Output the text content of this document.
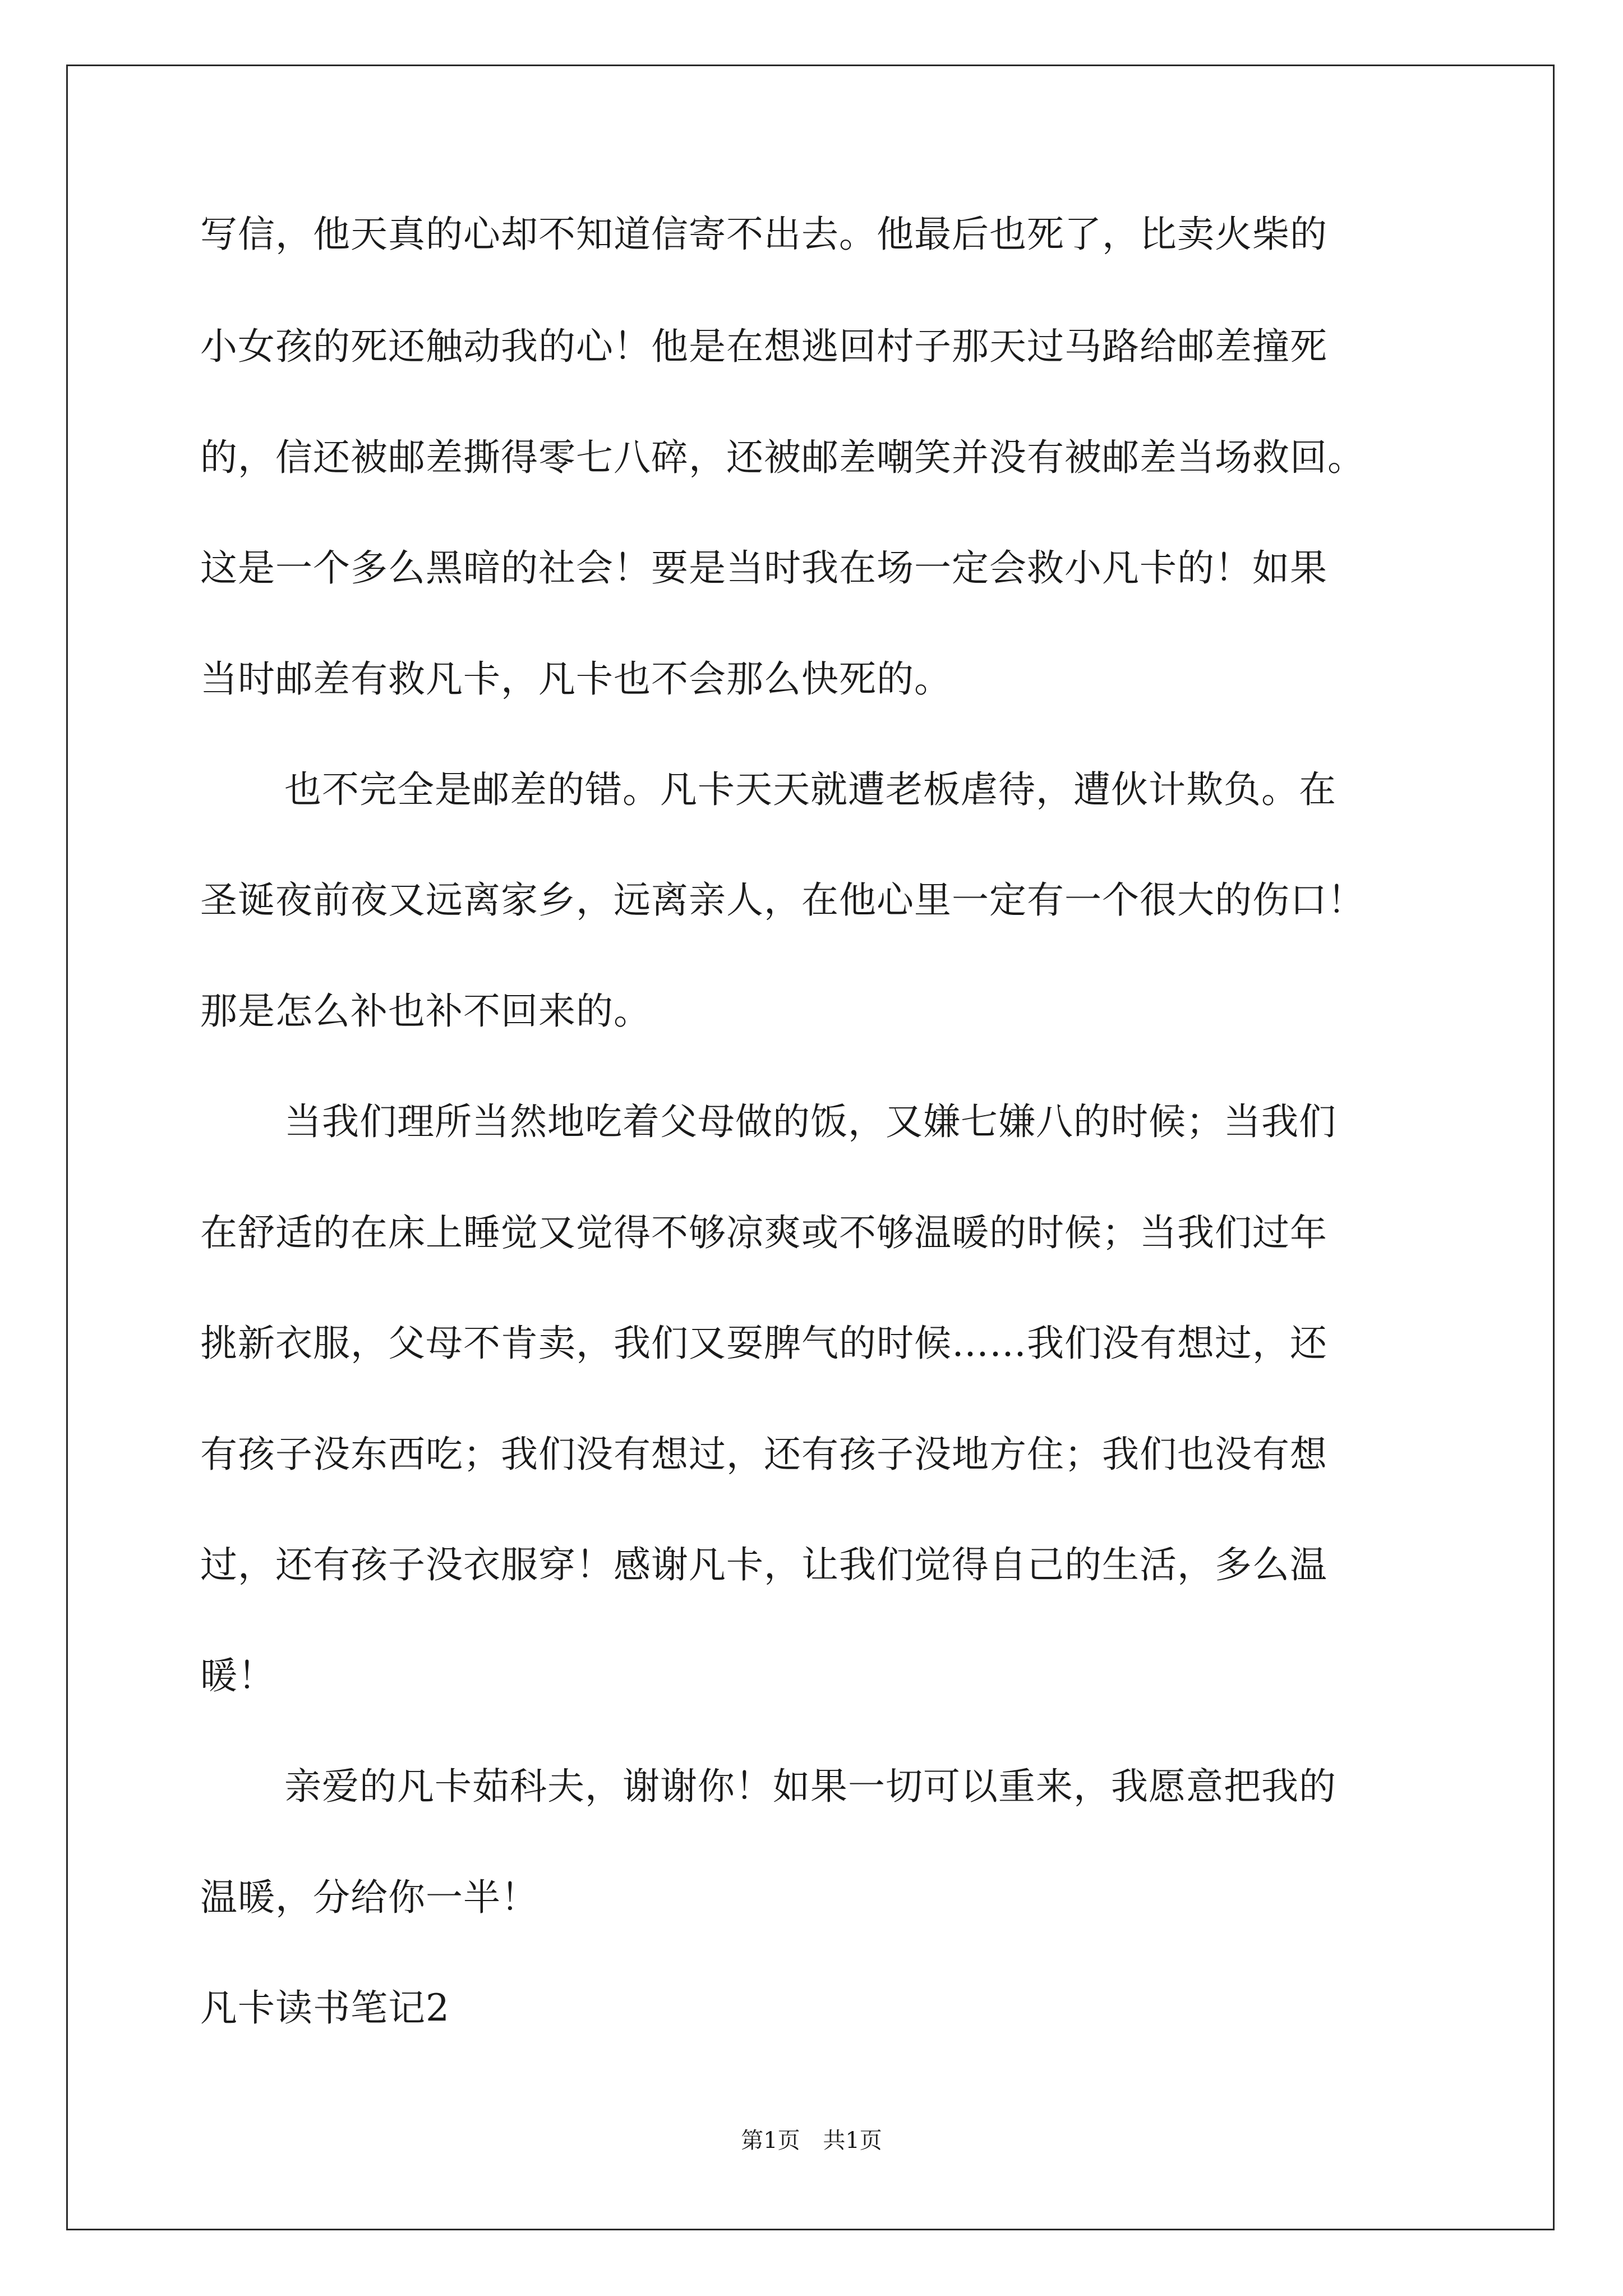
写信，他天真的心却不知道信寄不出去。他最后也死了，比卖火柴的
小女孩的死还触动我的心！他是在想逃回村子那天过马路给邮差撞死
的，信还被邮差撕得零七八碎，还被邮差嘲笑并没有被邮差当场救回。
这是一个多么黑暗的社会！要是当时我在场一定会救小凡卡的！如果
当时邮差有救凡卡，凡卡也不会那么快死的。
也不完全是邮差的错。凡卡天天就遭老板虐待，遭伙计欺负。在
圣诞夜前夜又远离家乡，远离亲人，在他心里一定有一个很大的伤口！
那是怎么补也补不回来的。
当我们理所当然地吃着父母做的饭，又嫌七嫌八的时候；当我们
在舒适的在床上睡觉又觉得不够凉爽或不够温暖的时候；当我们过年
挑新衣服，父母不肯卖，我们又耍脾气的时候……我们没有想过，还
有孩子没东西吃；我们没有想过，还有孩子没地方住；我们也没有想
过，还有孩子没衣服穿！感谢凡卡，让我们觉得自己的生活，多么温
暖！
亲爱的凡卡茹科夫，谢谢你！如果一切可以重来，我愿意把我的
温暖，分给你一半！
凡卡读书笔记2
第1页 共1页
